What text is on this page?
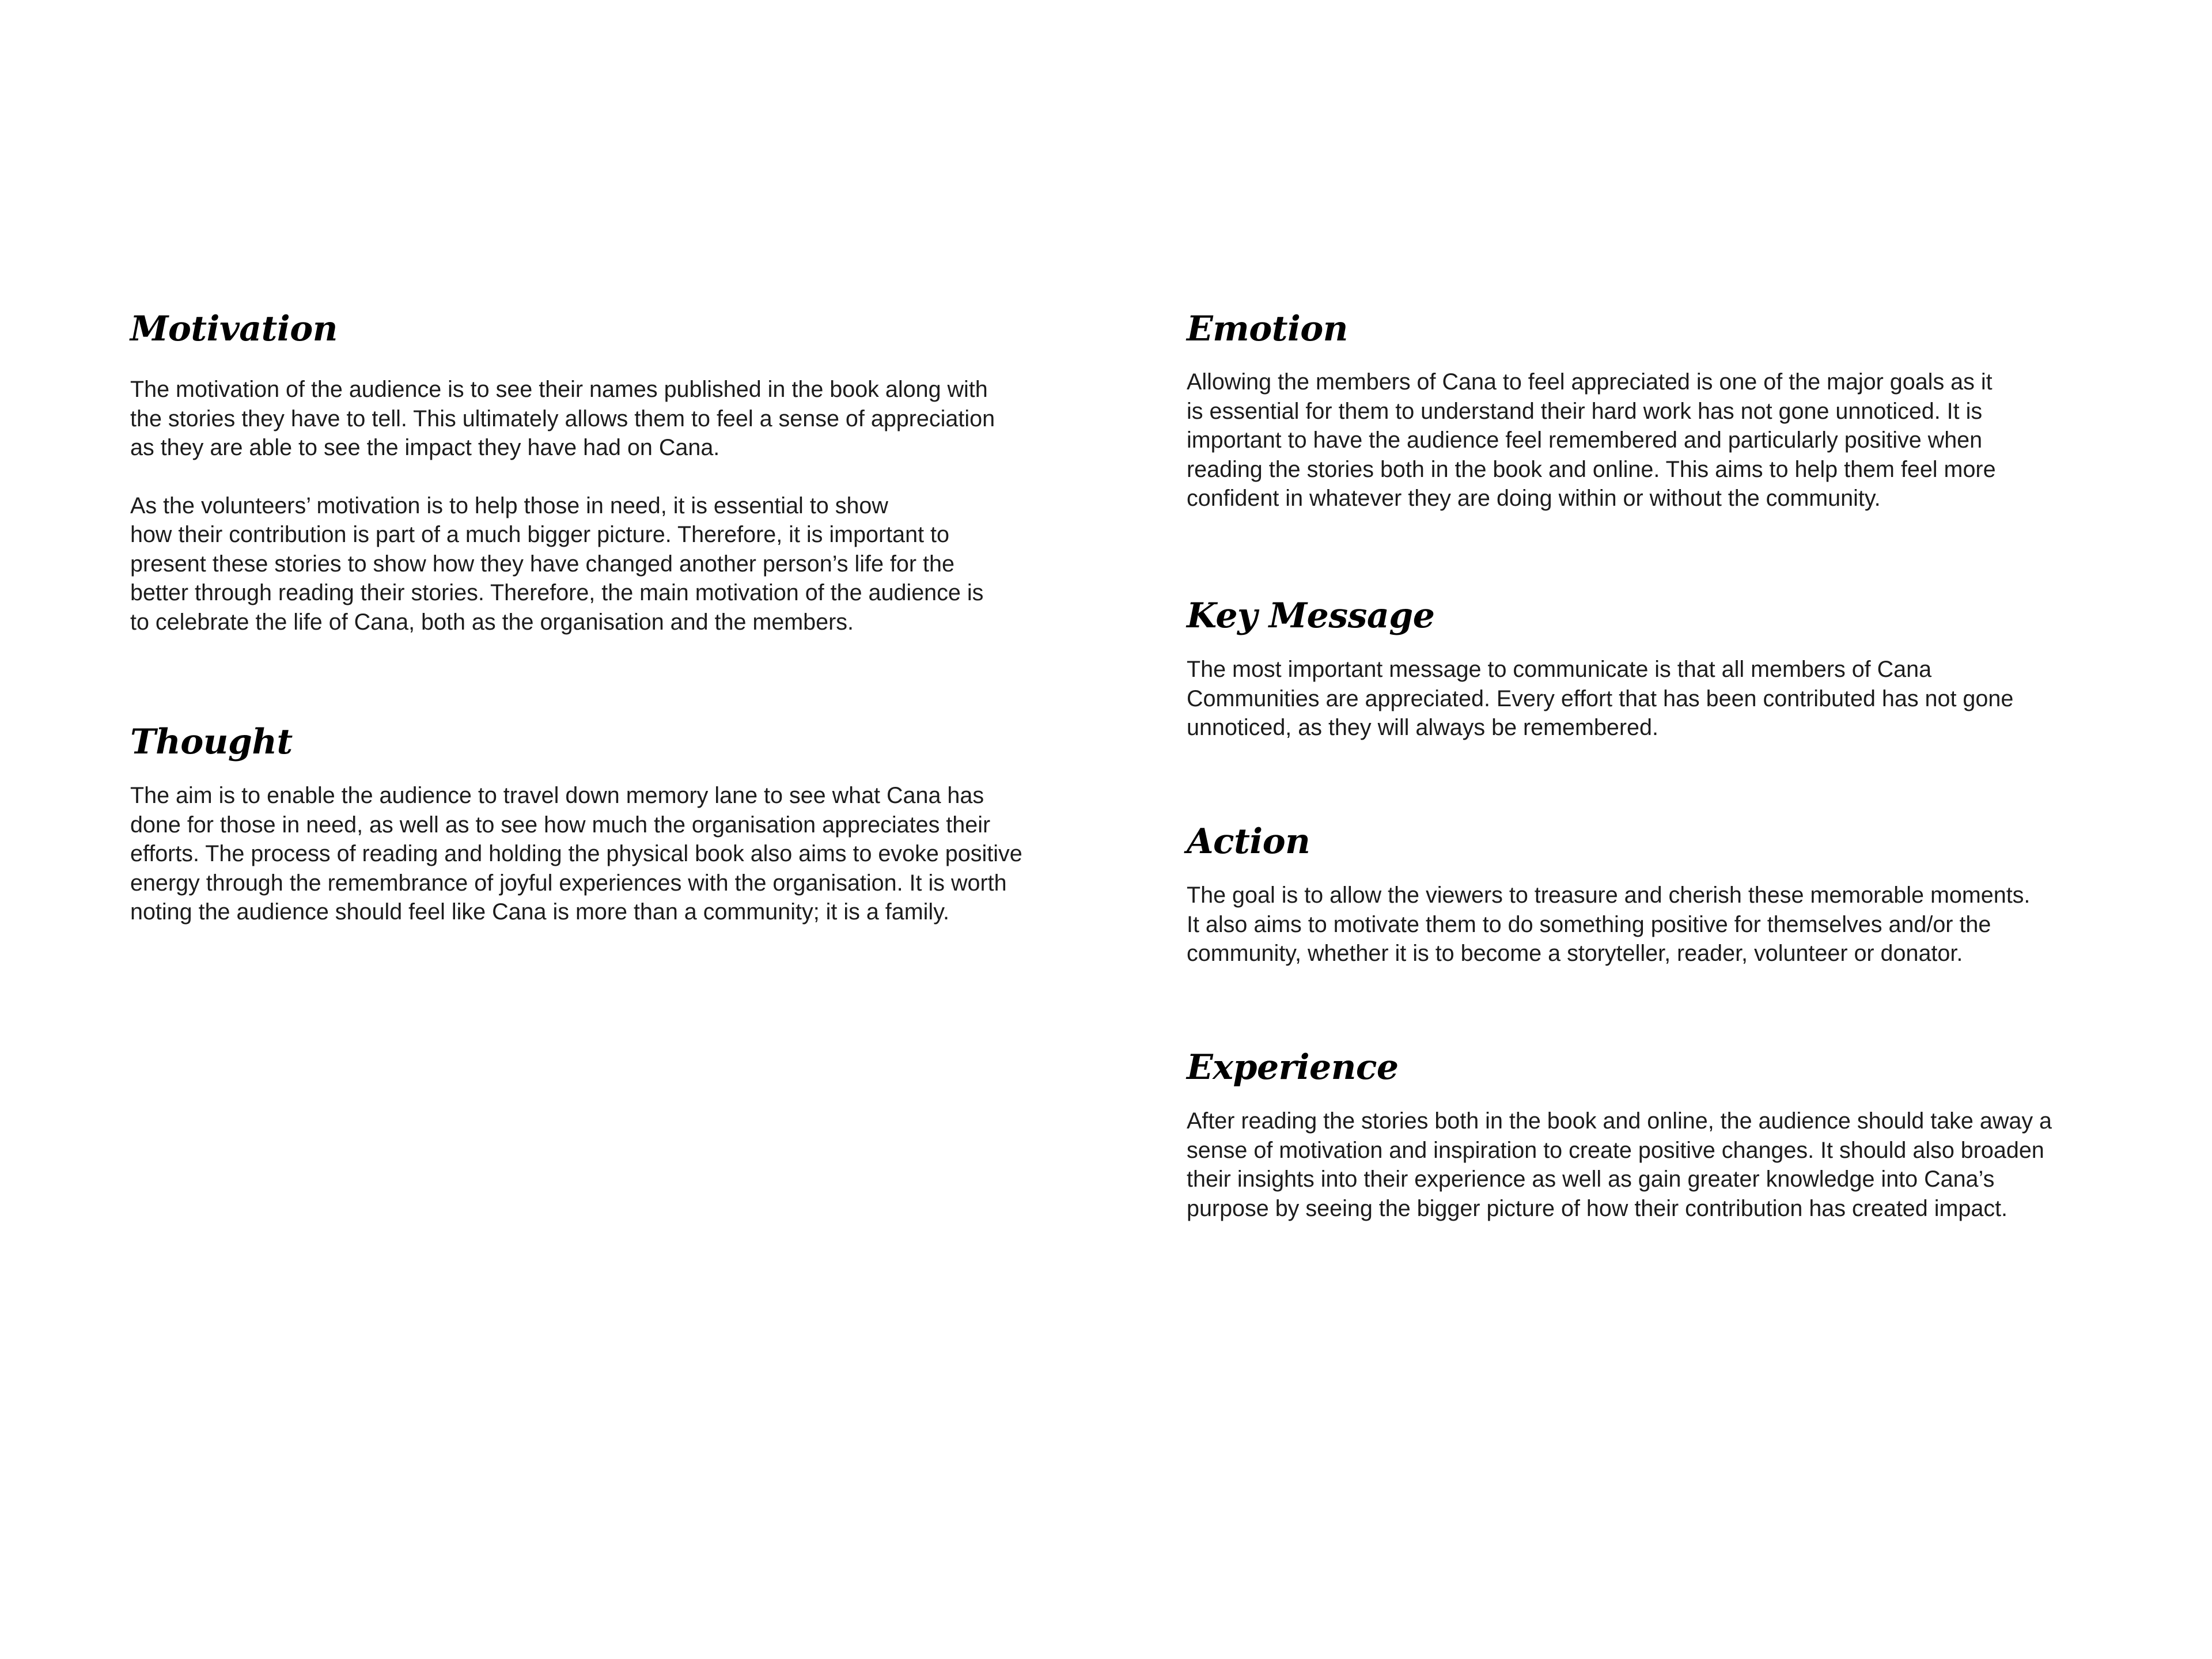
Motivation

The motivation of the audience is to see their names published in the book along with
the stories they have to tell. This ultimately allows them to feel a sense of appreciation
as they are able to see the impact they have had on Cana.

As the volunteers’ motivation is to help those in need, it is essential to show
how their contribution is part of a much bigger picture. Therefore, it is important to
present these stories to show how they have changed another person’s life for the
better through reading their stories. Therefore, the main motivation of the audience is
to celebrate the life of Cana, both as the organisation and the members.

Thought

The aim is to enable the audience to travel down memory lane to see what Cana has
done for those in need, as well as to see how much the organisation appreciates their
efforts. The process of reading and holding the physical book also aims to evoke positive
energy through the remembrance of joyful experiences with the organisation. It is worth
noting the audience should feel like Cana is more than a community; it is a family.

Emotion

Allowing the members of Cana to feel appreciated is one of the major goals as it
is essential for them to understand their hard work has not gone unnoticed. It is
important to have the audience feel remembered and particularly positive when
reading the stories both in the book and online. This aims to help them feel more
confident in whatever they are doing within or without the community.

Key Message

The most important message to communicate is that all members of Cana
Communities are appreciated. Every effort that has been contributed has not gone
unnoticed, as they will always be remembered.

Action

The goal is to allow the viewers to treasure and cherish these memorable moments.
It also aims to motivate them to do something positive for themselves and/or the
community, whether it is to become a storyteller, reader, volunteer or donator.

Experience

After reading the stories both in the book and online, the audience should take away a
sense of motivation and inspiration to create positive changes. It should also broaden
their insights into their experience as well as gain greater knowledge into Cana’s
purpose by seeing the bigger picture of how their contribution has created impact.
